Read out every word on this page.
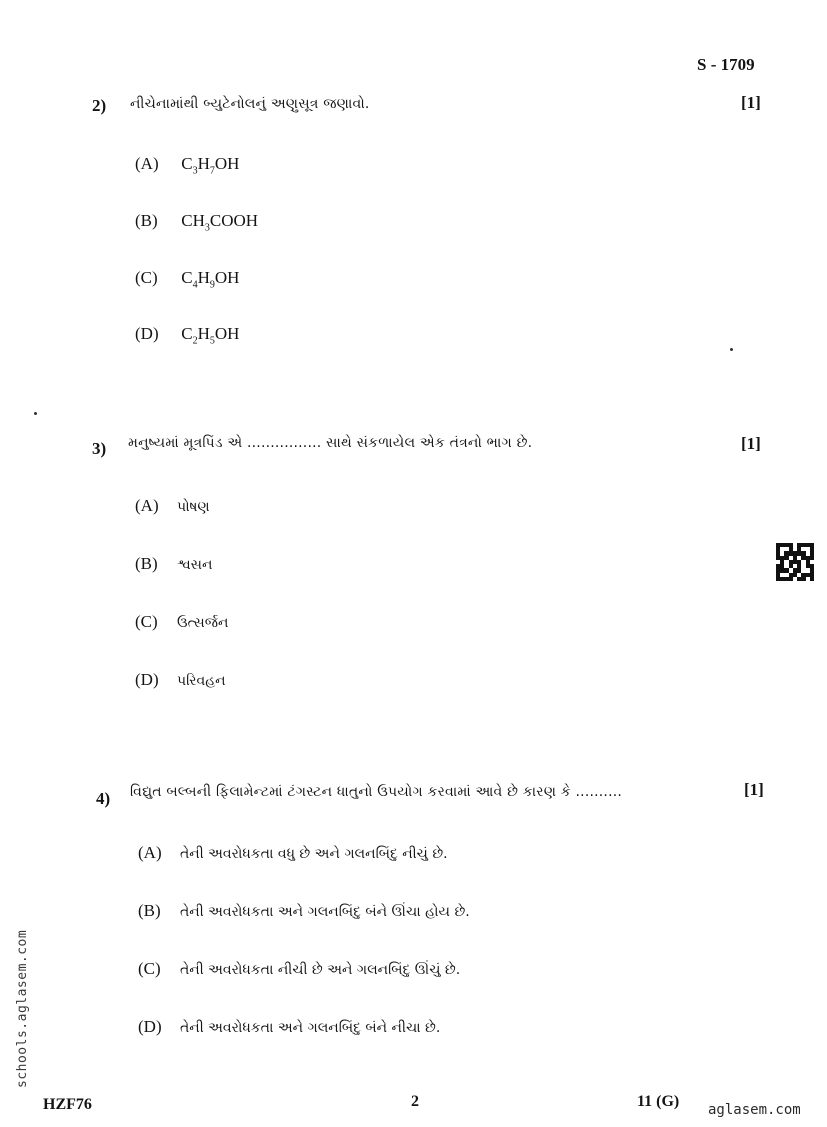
S - 1709
2) નીચેનામાંથી બ્યુટેનોલનું અણુસૂત્ર જણાવો.	[1]
(A) $C_3H_7OH$
(B) $CH_3COOH$
(C) $C_4H_9OH$
(D) $C_2H_5OH$
3) મનુષ્યમાં મૂત્રપિંડ એ ................ સાથે સંકળાયેલ એક તંત્રનો ભાગ છે.	[1]
(A) પોષણ
(B) શ્વસન
(C) ઉત્સર્જન
(D) પરિવહન
4) વિદ્યુત બલ્બની ફિલામેન્ટમાં ટંગસ્ટન ધાતુનો ઉપયોગ કરવામાં આવે છે કારણ કે ..........	[1]
(A) તેની અવરોધકતા વધુ છે અને ગલનબિંદુ નીચું છે.
(B) તેની અવરોધકતા અને ગલનબિંદુ બંને ઊંચા હોય છે.
(C) તેની અવરોધકતા નીચી છે અને ગલનબિંદુ ઊંચું છે.
(D) તેની અવરોધકતા અને ગલનબિંદુ બંને નીચા છે.
schools.aglasem.com
HZF76	2	11 (G) aglasem.com
